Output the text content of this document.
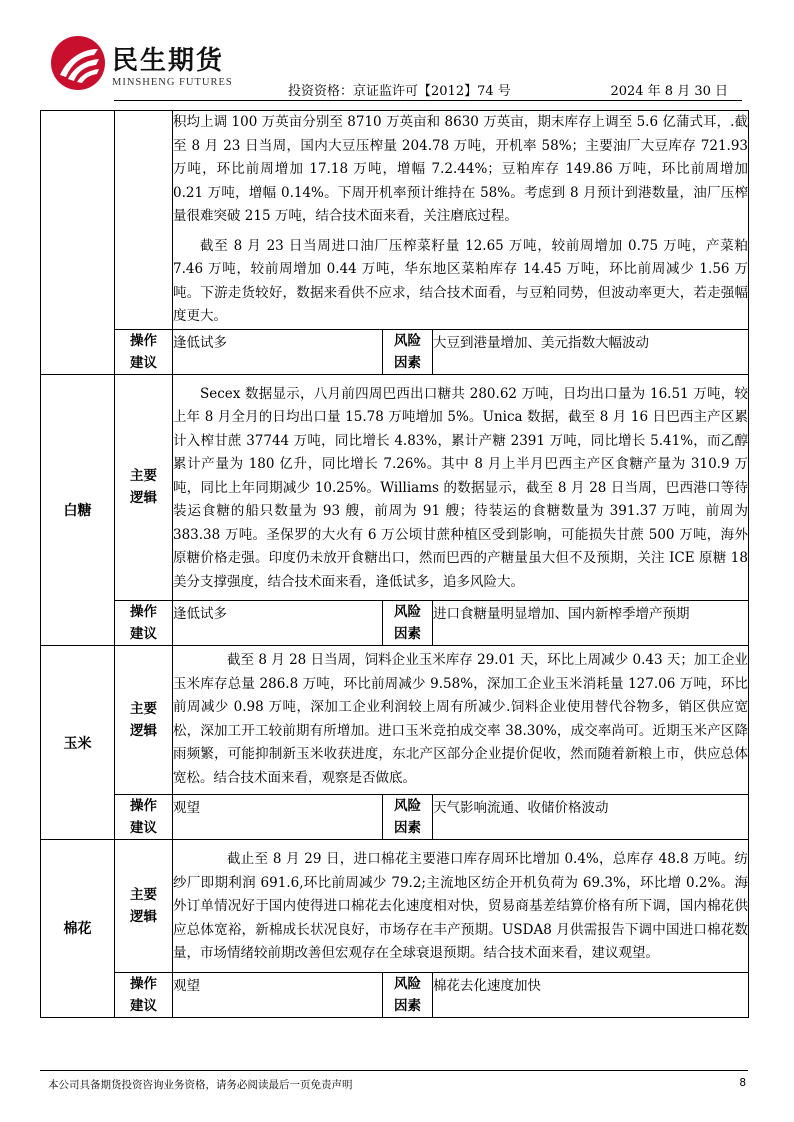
民生期货
MINSHENG FUTURES
投资资格：京证监许可【2012】74 号	2024 年 8 月 30 日

		积均上调 100 万英亩分别至 8710 万英亩和 8630 万英亩，期末库存上调至 5.6 亿蒲式耳，.截至 8 月 23 日当周，国内大豆压榨量 204.78 万吨，开机率 58%；主要油厂大豆库存 721.93 万吨，环比前周增加 17.18 万吨，增幅 7.2.44%；豆粕库存 149.86 万吨，环比前周增加 0.21 万吨，增幅 0.14%。下周开机率预计维持在 58%。考虑到 8 月预计到港数量，油厂压榨量很难突破 215 万吨，结合技术面来看，关注磨底过程。

截至 8 月 23 日当周进口油厂压榨菜籽量 12.65 万吨，较前周增加 0.75 万吨，产菜粕 7.46 万吨，较前周增加 0.44 万吨，华东地区菜粕库存 14.45 万吨，环比前周减少 1.56 万吨。下游走货较好，数据来看供不应求，结合技术面看，与豆粕同势，但波动率更大，若走强幅度更大。		

	操作建议	逢低试多	风险因素	大豆到港量增加、美元指数大幅波动
白糖	主要逻辑	Secex 数据显示，八月前四周巴西出口糖共 280.62 万吨，日均出口量为 16.51 万吨，较上年 8 月全月的日均出口量 15.78 万吨增加 5%。Unica 数据，截至 8 月 16 日巴西主产区累计入榨甘蔗 37744 万吨，同比增长 4.83%，累计产糖 2391 万吨，同比增长 5.41%，而乙醇累计产量为 180 亿升，同比增长 7.26%。其中 8 月上半月巴西主产区食糖产量为 310.9 万吨，同比上年同期减少 10.25%。Williams 的数据显示，截至 8 月 28 日当周，巴西港口等待装运食糖的船只数量为 93 艘，前周为 91 艘；待装运的食糖数量为 391.37 万吨，前周为 383.38 万吨。圣保罗的大火有 6 万公顷甘蔗种植区受到影响，可能损失甘蔗 500 万吨，海外原糖价格走强。印度仍未放开食糖出口，然而巴西的产糖量虽大但不及预期，关注 ICE 原糖 18 美分支撑强度，结合技术面来看，逢低试多，追多风险大。		

	操作建议	逢低试多	风险因素	进口食糖量明显增加、国内新榨季增产预期
玉米	主要逻辑	截至 8 月 28 日当周，饲料企业玉米库存 29.01 天，环比上周减少 0.43 天；加工企业玉米库存总量 286.8 万吨，环比前周减少 9.58%，深加工企业玉米消耗量 127.06 万吨，环比前周减少 0.98 万吨，深加工企业利润较上周有所减少.饲料企业使用替代谷物多，销区供应宽松，深加工开工较前期有所增加。进口玉米竞拍成交率 38.30%，成交率尚可。近期玉米产区降雨频繁，可能抑制新玉米收获进度，东北产区部分企业提价促收，然而随着新粮上市，供应总体宽松。结合技术面来看，观察是否做底。		

	操作建议	观望	风险因素	天气影响流通、收储价格波动
棉花	主要逻辑	截止至 8 月 29 日，进口棉花主要港口库存周环比增加 0.4%，总库存 48.8 万吨。纺纱厂即期利润 691.6,环比前周减少 79.2;主流地区纺企开机负荷为 69.3%，环比增 0.2%。海外订单情况好于国内使得进口棉花去化速度相对快，贸易商基差结算价格有所下调，国内棉花供应总体宽裕，新棉成长状况良好，市场存在丰产预期。USDA8 月供需报告下调中国进口棉花数量，市场情绪较前期改善但宏观存在全球衰退预期。结合技术面来看，建议观望。		

	操作建议	观望	风险因素	棉花去化速度加快
本公司具备期货投资咨询业务资格，请务必阅读最后一页免责声明	8
